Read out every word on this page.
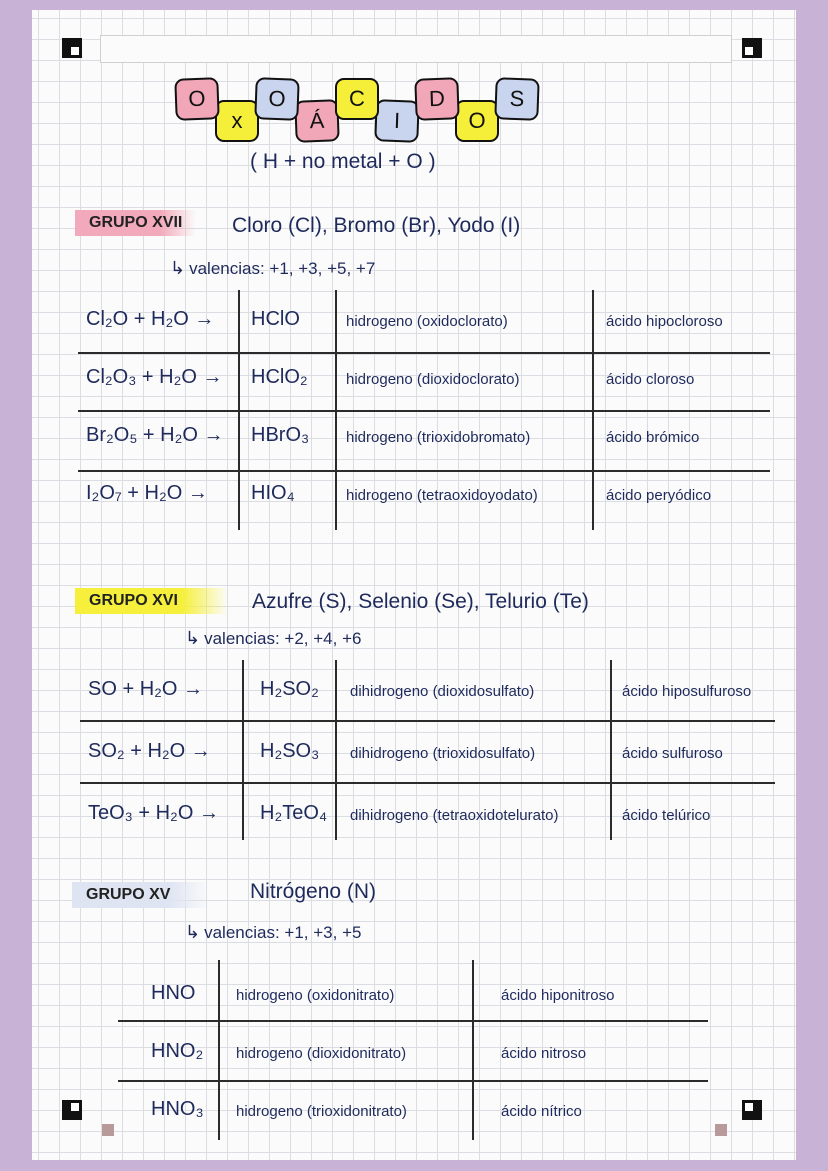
O
x
O
Á
C
I
D
O
S
( H + no metal + O )
GRUPO XVII	Cloro (Cl), Bromo (Br), Yodo (I)
↳ valencias: +1, +3, +5, +7
Cl₂O + H₂O → HClO	hidrogeno (oxidoclorato)	ácido hipocloroso
Cl₂O₃ + H₂O → HClO₂	hidrogeno (dioxidoclorato)	ácido cloroso
Br₂O₅ + H₂O → HBrO₃ hidrogeno (trioxidobromato)	ácido brómico
I₂O₇ + H₂O → HIO₄	hidrogeno (tetraoxidoyodato)	ácido peryódico
GRUPO XVI	Azufre (S), Selenio (Se), Telurio (Te)
↳ valencias: +2, +4, +6
SO + H₂O →	H₂SO₂ dihidrogeno (dioxidosulfato)	ácido hiposulfuroso
SO₂ + H₂O → H₂SO₃ dihidrogeno (trioxidosulfato)	ácido sulfuroso
TeO₃ + H₂O → H₂TeO₄ dihidrogeno (tetraoxidotelurato)	ácido telúrico
GRUPO XV	Nitrógeno (N)
↳ valencias: +1, +3, +5
HNO	hidrogeno (oxidonitrato)	ácido hiponitroso
HNO₂ hidrogeno (dioxidonitrato)	ácido nitroso
HNO₃ hidrogeno (trioxidonitrato)	ácido nítrico
